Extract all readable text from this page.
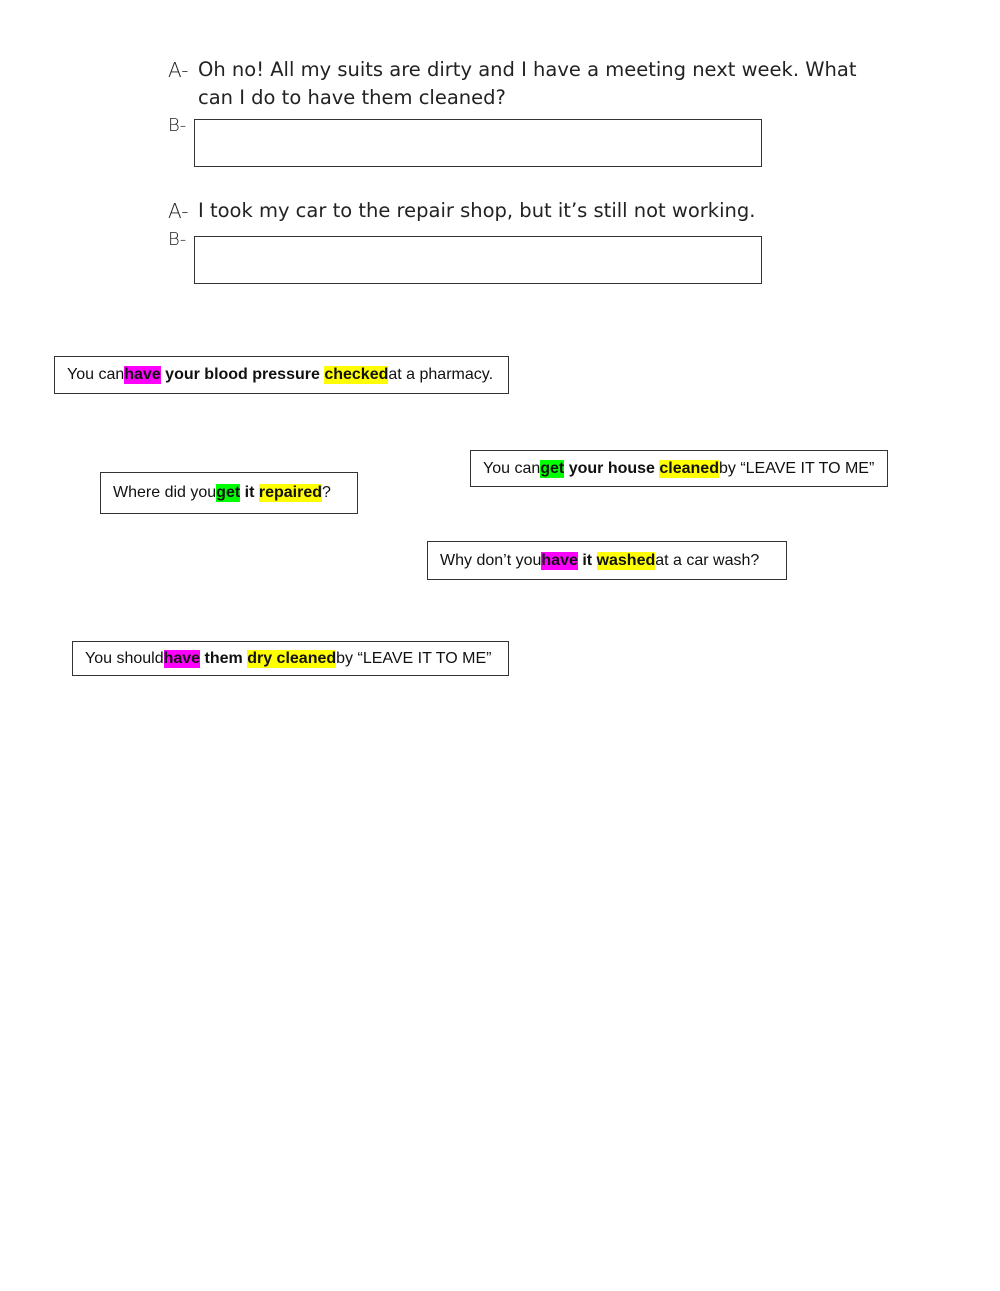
A- Oh no! All my suits are dirty and I have a meeting next week. What
can I do to have them cleaned?
B-
A- I took my car to the repair shop, but it’s still not working.
B-
You can have your blood pressure checked at a pharmacy.
You can get your house cleaned by “LEAVE IT TO ME”
Where did you get it repaired ?
Why don’t you have it washed at a car wash?
You should have them dry cleaned by “LEAVE IT TO ME”
